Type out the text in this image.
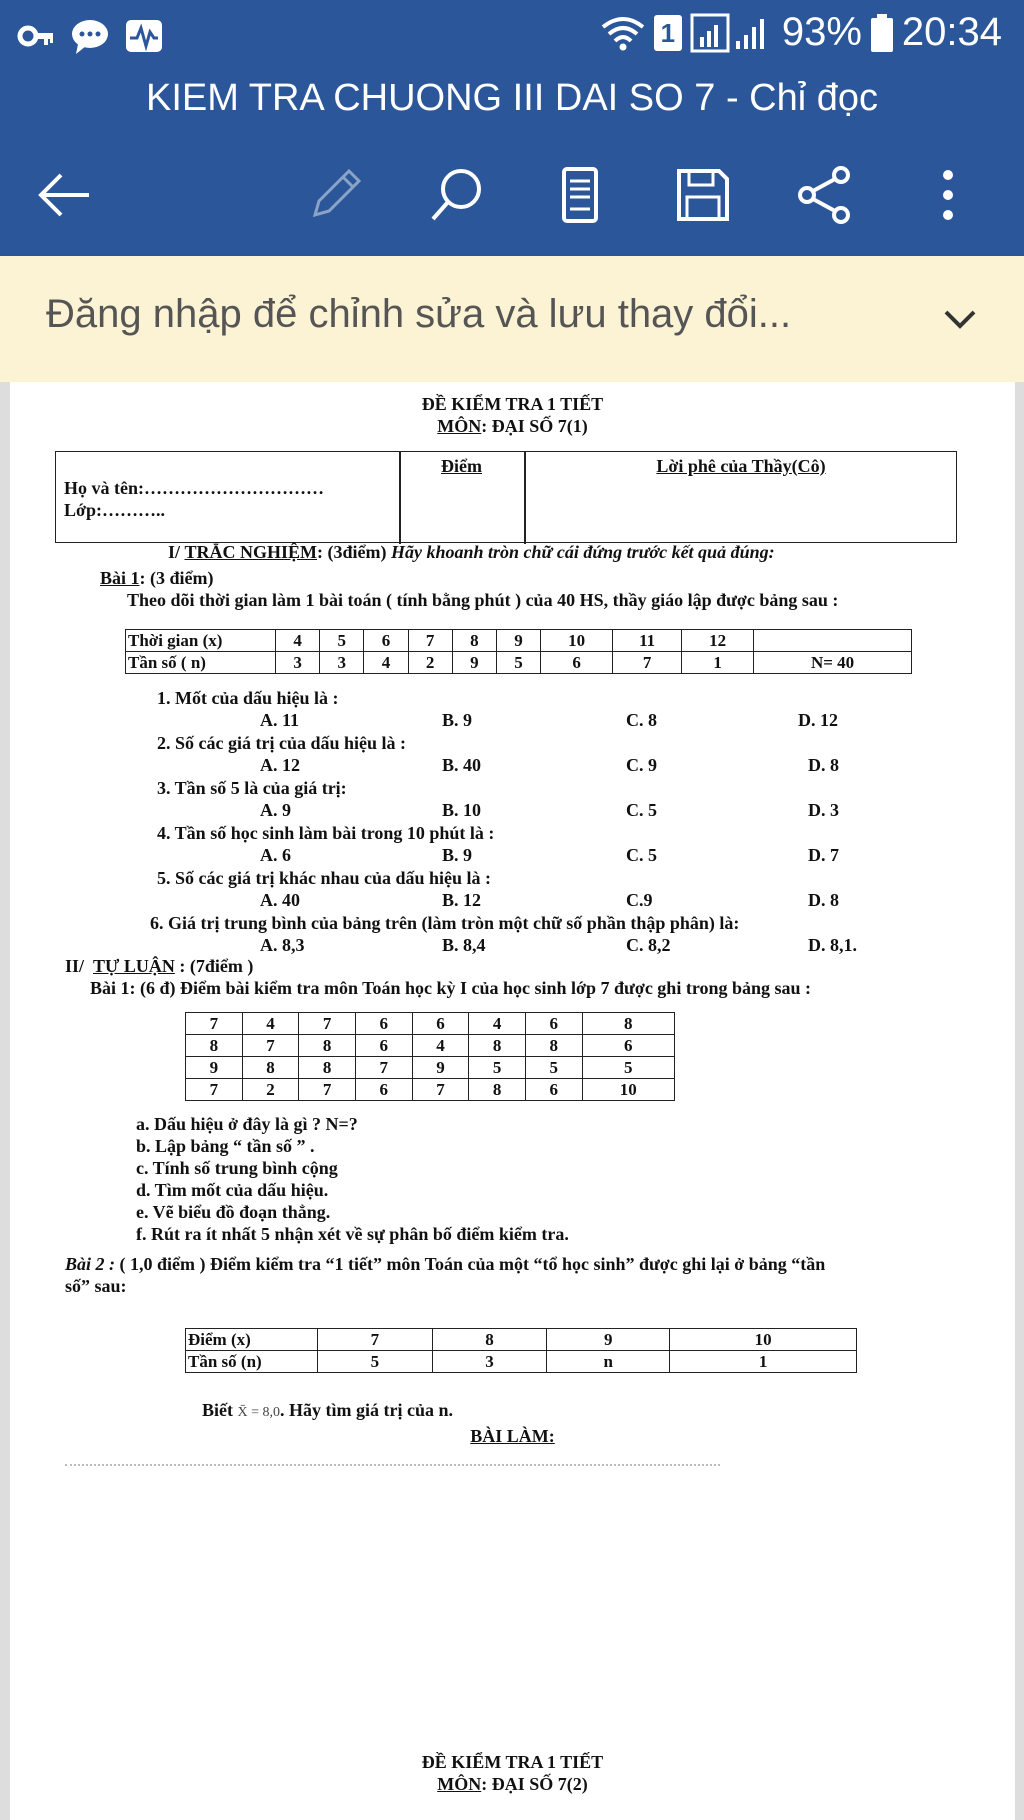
1	93% 20:34
KIEM TRA CHUONG III DAI SO 7 - Chỉ đọc
Đăng nhập để chỉnh sửa và lưu thay đổi...
ĐỀ KIỂM TRA 1 TIẾT
MÔN: ĐẠI SỐ 7(1)
Họ và tên:…………………………
Lớp:………..
Điểm	Lời phê của Thầy(Cô)
I/ TRẮC NGHIỆM: (3điểm) Hãy khoanh tròn chữ cái đứng trước kết quả đúng:
Bài 1: (3 điểm)
Theo dõi thời gian làm 1 bài toán ( tính bằng phút ) của 40 HS, thầy giáo lập được bảng sau :
Thời gian (x)	4	5	6	7	8	9	10	11	12	
Tần số ( n)	3	3	4	2	9	5	6	7	1	N= 40
1. Mốt của dấu hiệu là :
A. 11	B. 9	C. 8	D. 12
2. Số các giá trị của dấu hiệu là :
A. 12	B. 40	C. 9	D. 8
3. Tần số 5 là của giá trị:
A. 9	B. 10	C. 5	D. 3
4. Tần số học sinh làm bài trong 10 phút là :
A. 6	B. 9	C. 5	D. 7
5. Số các giá trị khác nhau của dấu hiệu là :
A. 40	B. 12	C.9	D. 8
6. Giá trị trung bình của bảng trên (làm tròn một chữ số phần thập phân) là:
A. 8,3	B. 8,4	C. 8,2	D. 8,1.
II/ TỰ LUẬN : (7điểm )
Bài 1: (6 đ) Điểm bài kiểm tra môn Toán học kỳ I của học sinh lớp 7 được ghi trong bảng sau :
7	4	7	6	6	4	6	8
8	7	8	6	4	8	8	6
9	8	8	7	9	5	5	5
7	2	7	6	7	8	6	10
a. Dấu hiệu ở đây là gì ? N=?
b. Lập bảng “ tần số ” .
c. Tính số trung bình cộng
d. Tìm mốt của dấu hiệu.
e. Vẽ biểu đồ đoạn thẳng.
f. Rút ra ít nhất 5 nhận xét về sự phân bố điểm kiểm tra.
Bài 2 : ( 1,0 điểm ) Điểm kiểm tra “1 tiết” môn Toán của một “tổ học sinh” được ghi lại ở bảng “tần
số” sau:
Điểm (x)	7	8	9	10
Tần số (n)	5	3	n	1
Biết X̄ = 8,0. Hãy tìm giá trị của n.
BÀI LÀM:
ĐỀ KIỂM TRA 1 TIẾT
MÔN: ĐẠI SỐ 7(2)
